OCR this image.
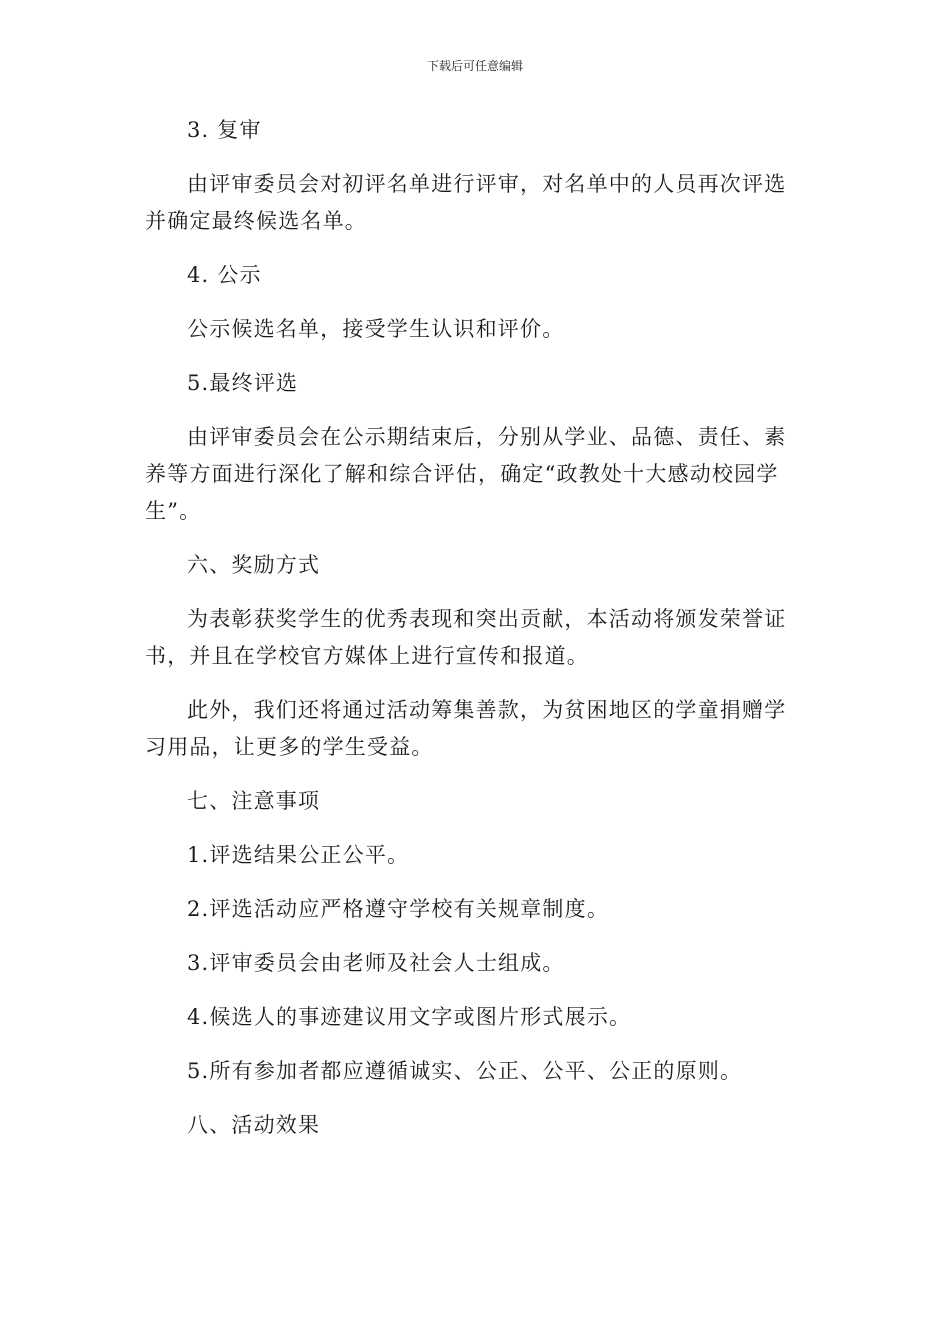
下载后可任意编辑

3. 复审

由评审委员会对初评名单进行评审，对名单中的人员再次评选并确定最终候选名单。

4. 公示

公示候选名单，接受学生认识和评价。

5.最终评选

由评审委员会在公示期结束后，分别从学业、品德、责任、素养等方面进行深化了解和综合评估，确定“政教处十大感动校园学生”。

六、奖励方式

为表彰获奖学生的优秀表现和突出贡献，本活动将颁发荣誉证书，并且在学校官方媒体上进行宣传和报道。

此外，我们还将通过活动筹集善款，为贫困地区的学童捐赠学习用品，让更多的学生受益。

七、注意事项

1.评选结果公正公平。

2.评选活动应严格遵守学校有关规章制度。

3.评审委员会由老师及社会人士组成。

4.候选人的事迹建议用文字或图片形式展示。

5.所有参加者都应遵循诚实、公正、公平、公正的原则。

八、活动效果
